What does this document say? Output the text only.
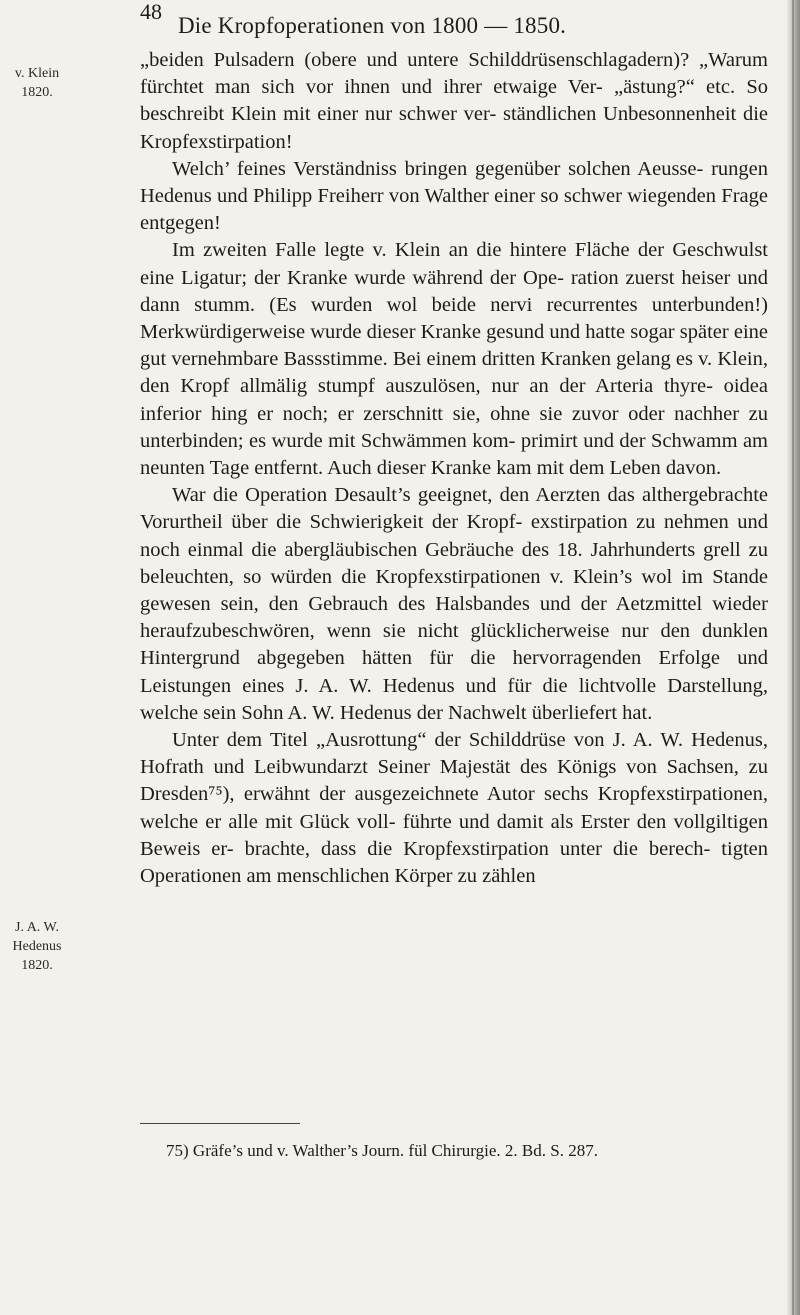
48
Die Kropfoperationen von 1800 — 1850.
v. Klein
1820.
J. A. W.
Hedenus
1820.

„beiden Pulsadern (obere und untere Schilddrüsenschlagadern)? „Warum fürchtet man sich vor ihnen und ihrer etwaige Ver- „ästung?“ etc. So beschreibt Klein mit einer nur schwer ver- ständlichen Unbesonnenheit die Kropfexstirpation!

Welch’ feines Verständniss bringen gegenüber solchen Aeusse- rungen Hedenus und Philipp Freiherr von Walther einer so schwer wiegenden Frage entgegen!

Im zweiten Falle legte v. Klein an die hintere Fläche der Geschwulst eine Ligatur; der Kranke wurde während der Ope- ration zuerst heiser und dann stumm. (Es wurden wol beide nervi recurrentes unterbunden!) Merkwürdigerweise wurde dieser Kranke gesund und hatte sogar später eine gut vernehmbare Bassstimme. Bei einem dritten Kranken gelang es v. Klein, den Kropf allmälig stumpf auszulösen, nur an der Arteria thyre- oidea inferior hing er noch; er zerschnitt sie, ohne sie zuvor oder nachher zu unterbinden; es wurde mit Schwämmen kom- primirt und der Schwamm am neunten Tage entfernt. Auch dieser Kranke kam mit dem Leben davon.

War die Operation Desault’s geeignet, den Aerzten das althergebrachte Vorurtheil über die Schwierigkeit der Kropf- exstirpation zu nehmen und noch einmal die abergläubischen Gebräuche des 18. Jahrhunderts grell zu beleuchten, so würden die Kropfexstirpationen v. Klein’s wol im Stande gewesen sein, den Gebrauch des Halsbandes und der Aetzmittel wieder heraufzubeschwören, wenn sie nicht glücklicherweise nur den dunklen Hintergrund abgegeben hätten für die hervorragenden Erfolge und Leistungen eines J. A. W. Hedenus und für die lichtvolle Darstellung, welche sein Sohn A. W. Hedenus der Nachwelt überliefert hat.

Unter dem Titel „Ausrottung“ der Schilddrüse von J. A. W. Hedenus, Hofrath und Leibwundarzt Seiner Majestät des Königs von Sachsen, zu Dresden⁷⁵), erwähnt der ausgezeichnete Autor sechs Kropfexstirpationen, welche er alle mit Glück voll- führte und damit als Erster den vollgiltigen Beweis er- brachte, dass die Kropfexstirpation unter die berech- tigten Operationen am menschlichen Körper zu zählen

75) Gräfe’s und v. Walther’s Journ. fül Chirurgie. 2. Bd. S. 287.
